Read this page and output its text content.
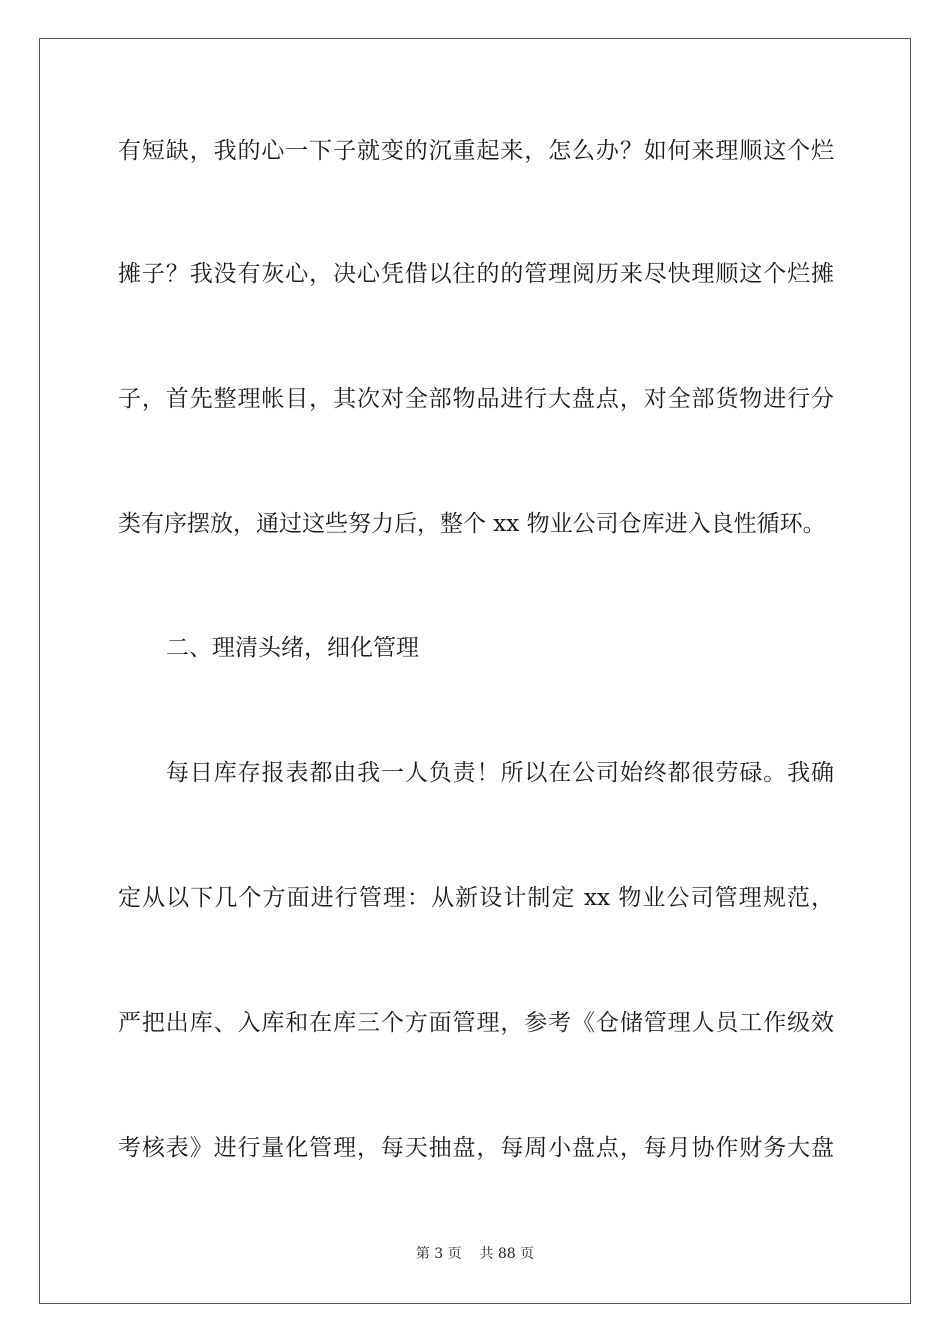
有短缺，我的心一下子就变的沉重起来，怎么办？如何来理顺这个烂
摊子？我没有灰心，决心凭借以往的的管理阅历来尽快理顺这个烂摊
子，首先整理帐目，其次对全部物品进行大盘点，对全部货物进行分
类有序摆放，通过这些努力后，整个 xx 物业公司仓库进入良性循环。
二、理清头绪，细化管理
每日库存报表都由我一人负责！所以在公司始终都很劳碌。我确
定从以下几个方面进行管理：从新设计制定 xx 物业公司管理规范，
严把出库、入库和在库三个方面管理，参考《仓储管理人员工作级效
考核表》进行量化管理，每天抽盘，每周小盘点，每月协作财务大盘
第 3 页 共 88 页
